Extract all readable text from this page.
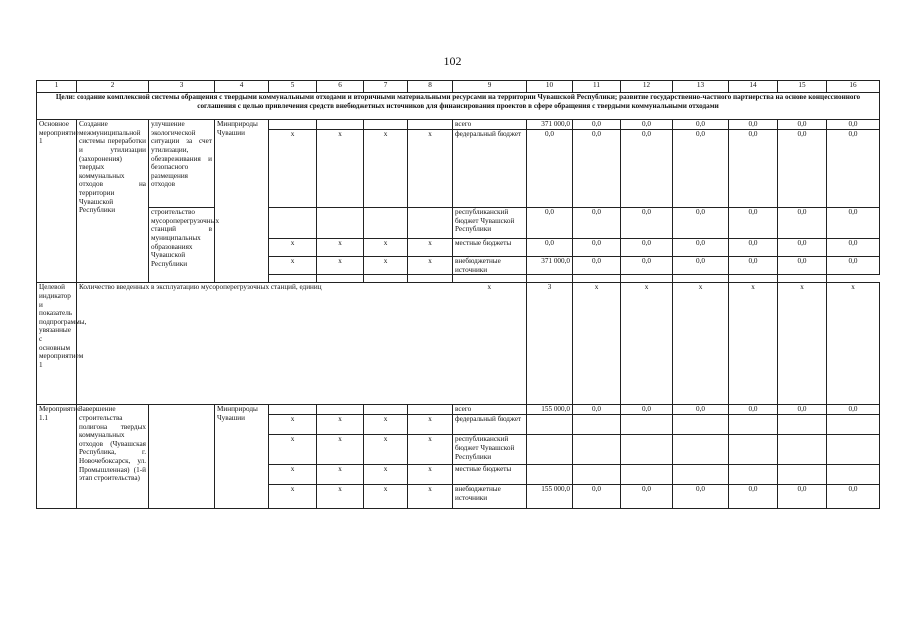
102
1	2	3	4	5	6	7	8	9	10	11	12	13	14	15	16
Цели: создание комплексной системы обращения с твердыми коммунальными отходами и вторичными материальными ресурсами на территории Чувашской Республики; развитие государственно-частного партнерства на основе концессионного соглашения с целью привлечения средств внебюджетных источников для финансирования проектов в сфере обращения с твердыми коммунальными отходами															
Основное мероприятие 1	Создание межмуниципальной системы переработки и утилизации (захоронения) твердых коммунальных отходов на территории Чувашской Республики	улучшение экологической ситуации за счет утилизации, обезвреживания и безопасного размещения отходов	Минприроды Чувашии					всего	371 000,0	0,0	0,0	0,0	0,0	0,0	0,0
				x	x	x	x	федеральный бюджет	0,0	0,0	0,0	0,0	0,0	0,0	0,0
		строительство мусороперегрузочных станций в муниципальных образованиях Чувашской Республики						республиканский бюджет Чувашской Республики	0,0	0,0	0,0	0,0	0,0	0,0	0,0
				x	x	x	x	местные бюджеты	0,0	0,0	0,0	0,0	0,0	0,0	0,0
				x	x	x	x	внебюджетные источники	371 000,0	0,0	0,0	0,0	0,0	0,0	0,0

Целевой индикатор и показатель подпрограммы, увязанные с основным мероприятием 1	Количество введенных в эксплуатацию мусороперегрузочных станций, единиц							x	3	x	x	x	x	x	x
Мероприятие 1.1	Завершение строительства полигона твердых коммунальных отходов (Чувашская Республика, г. Новочебоксарск, ул. Промышленная) (1-й этап строительства)		Минприроды Чувашии					всего	155 000,0	0,0	0,0	0,0	0,0	0,0	0,0
				x	x	x	x	федеральный бюджет							
				x	x	x	x	республиканский бюджет Чувашской Республики							
				x	x	x	x	местные бюджеты							
				x	x	x	x	внебюджетные источники	155 000,0	0,0	0,0	0,0	0,0	0,0	0,0
